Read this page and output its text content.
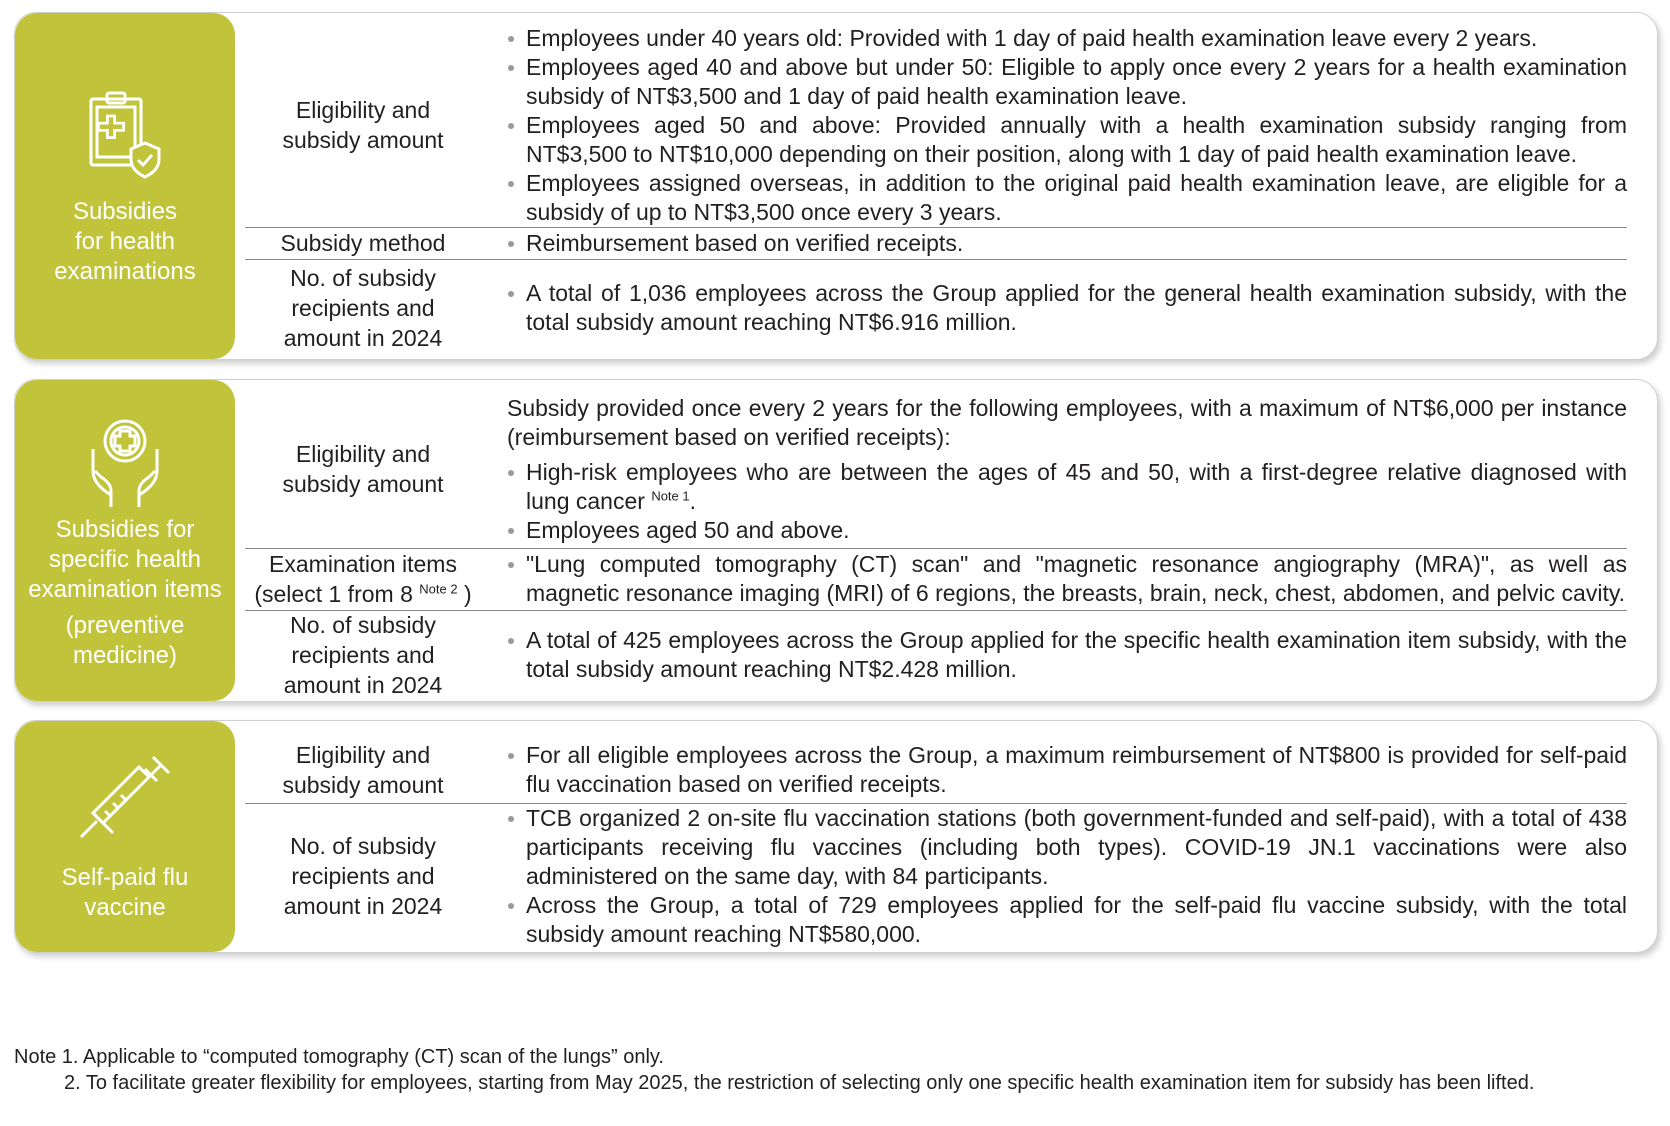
Subsidies
for health
examinations
Eligibility and
subsidy amount
Employees under 40 years old: Provided with 1 day of paid health examination leave every 2 years.
Employees aged 40 and above but under 50: Eligible to apply once every 2 years for a health examination subsidy of NT$3,500 and 1 day of paid health examination leave.
Employees aged 50 and above: Provided annually with a health examination subsidy ranging from NT$3,500 to NT$10,000 depending on their position, along with 1 day of paid health examination leave.
Employees assigned overseas, in addition to the original paid health examination leave, are eligible for a subsidy of up to NT$3,500 once every 3 years.
Subsidy method	Reimbursement based on verified receipts.
No. of subsidy
recipients and
amount in 2024
A total of 1,036 employees across the Group applied for the general health examination subsidy, with the total subsidy amount reaching NT$6.916 million.
Subsidies for
specific health
examination items
(preventive
medicine)
Eligibility and
subsidy amount

Subsidy provided once every 2 years for the following employees, with a maximum of NT$6,000 per instance (reimbursement based on verified receipts):

High-risk employees who are between the ages of 45 and 50, with a first-degree relative diagnosed with lung cancer $^{Note 1}$.
Employees aged 50 and above.
Examination items
(select 1 from 8 $^{Note 2}$ )
"Lung computed tomography (CT) scan" and "magnetic resonance angiography (MRA)", as well as magnetic resonance imaging (MRI) of 6 regions, the breasts, brain, neck, chest, abdomen, and pelvic cavity.
No. of subsidy
recipients and
amount in 2024
A total of 425 employees across the Group applied for the specific health examination item subsidy, with the total subsidy amount reaching NT$2.428 million.
Self-paid flu
vaccine
Eligibility and
subsidy amount
For all eligible employees across the Group, a maximum reimbursement of NT$800 is provided for self-paid flu vaccination based on verified receipts.
No. of subsidy
recipients and
amount in 2024
TCB organized 2 on-site flu vaccination stations (both government-funded and self-paid), with a total of 438 participants receiving flu vaccines (including both types). COVID-19 JN.1 vaccinations were also administered on the same day, with 84 participants.
Across the Group, a total of 729 employees applied for the self-paid flu vaccine subsidy, with the total subsidy amount reaching NT$580,000.
Note 1. Applicable to “computed tomography (CT) scan of the lungs” only.
2. To facilitate greater flexibility for employees, starting from May 2025, the restriction of selecting only one specific health examination item for subsidy has been lifted.
